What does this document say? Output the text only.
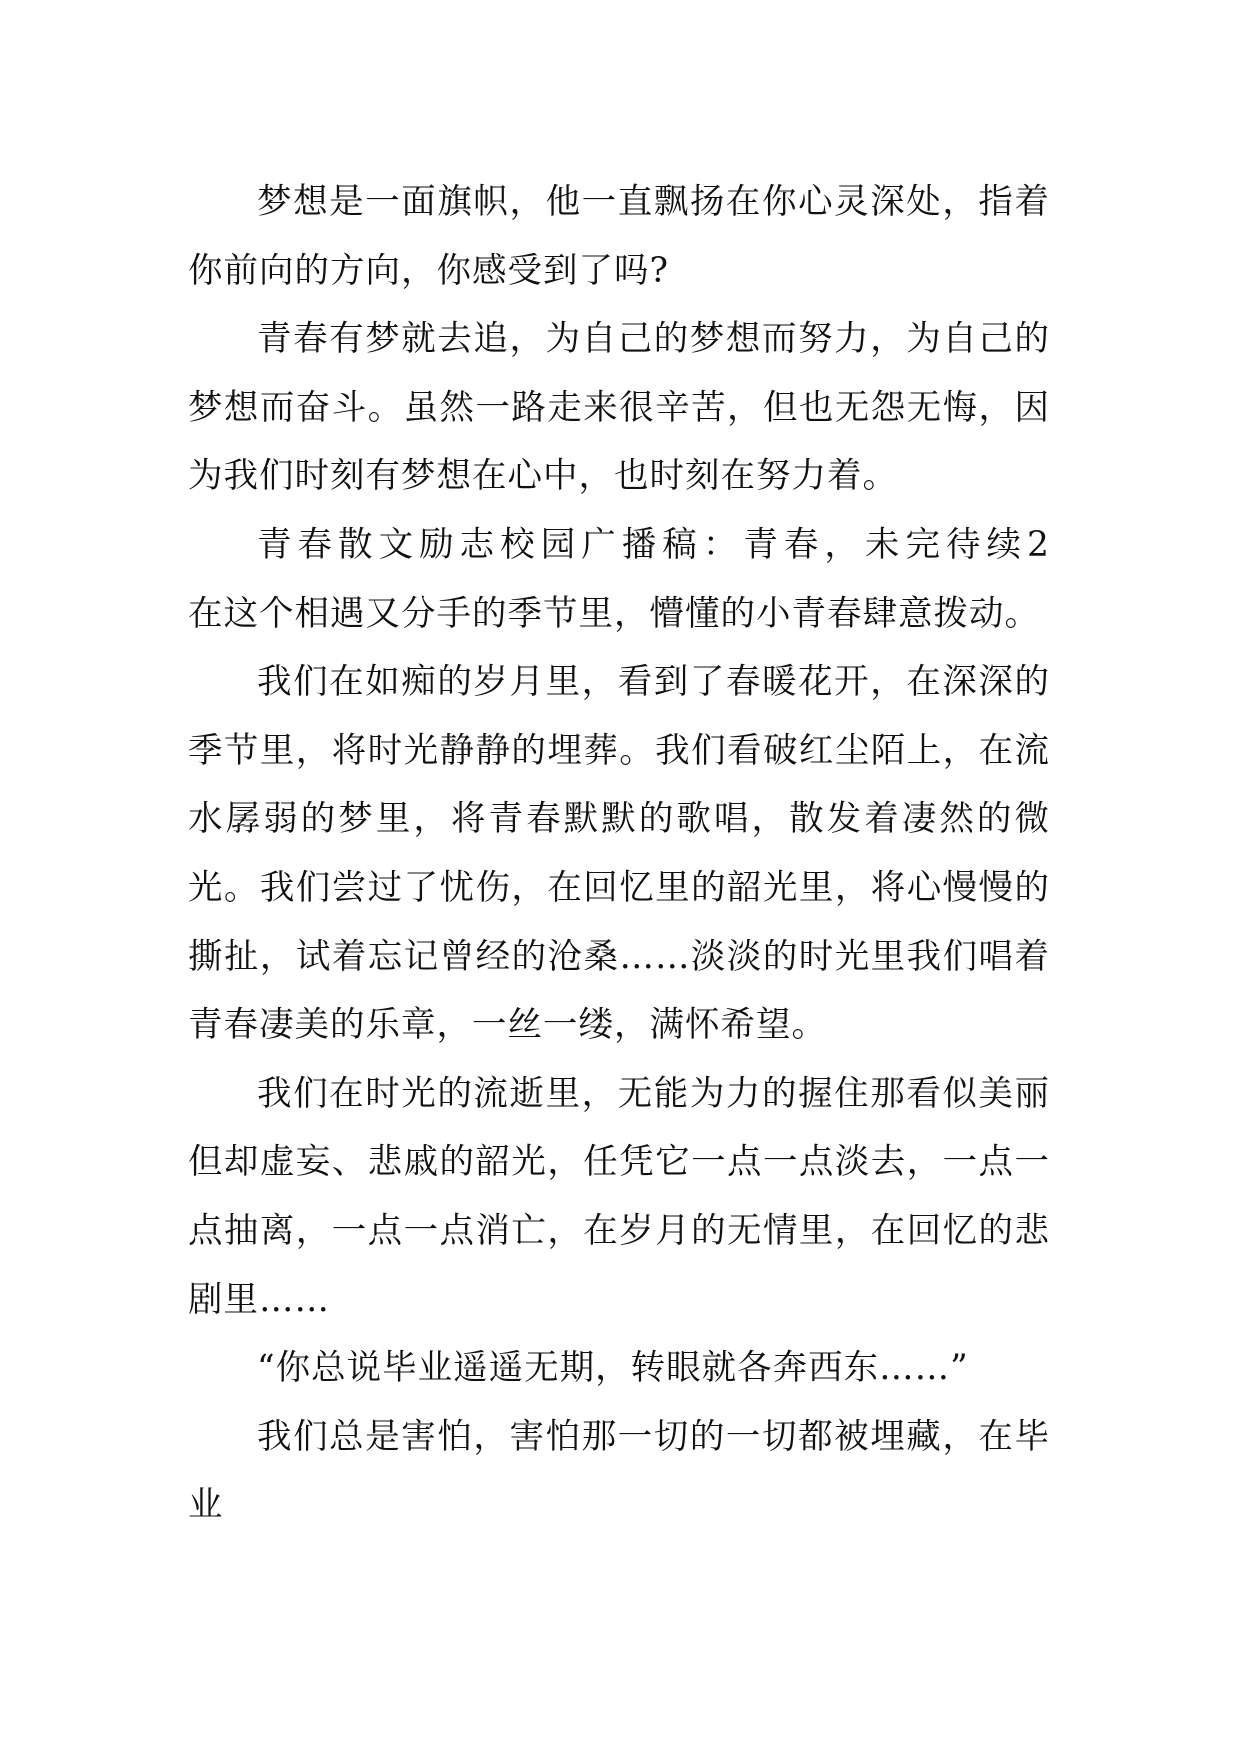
梦想是一面旗帜，他一直飘扬在你心灵深处，指着你前向的方向，你感受到了吗?

青春有梦就去追，为自己的梦想而努力，为自己的梦想而奋斗。虽然一路走来很辛苦，但也无怨无悔，因为我们时刻有梦想在心中，也时刻在努力着。

青春散文励志校园广播稿：青春，未完待续2　　在这个相遇又分手的季节里，懵懂的小青春肆意拨动。

我们在如痴的岁月里，看到了春暖花开，在深深的季节里，将时光静静的埋葬。我们看破红尘陌上，在流水孱弱的梦里，将青春默默的歌唱，散发着凄然的微光。我们尝过了忧伤，在回忆里的韶光里，将心慢慢的撕扯，试着忘记曾经的沧桑……淡淡的时光里我们唱着青春凄美的乐章，一丝一缕，满怀希望。

我们在时光的流逝里，无能为力的握住那看似美丽但却虚妄、悲戚的韶光，任凭它一点一点淡去，一点一点抽离，一点一点消亡，在岁月的无情里，在回忆的悲剧里……

“你总说毕业遥遥无期，转眼就各奔西东……”

我们总是害怕，害怕那一切的一切都被埋藏，在毕业
